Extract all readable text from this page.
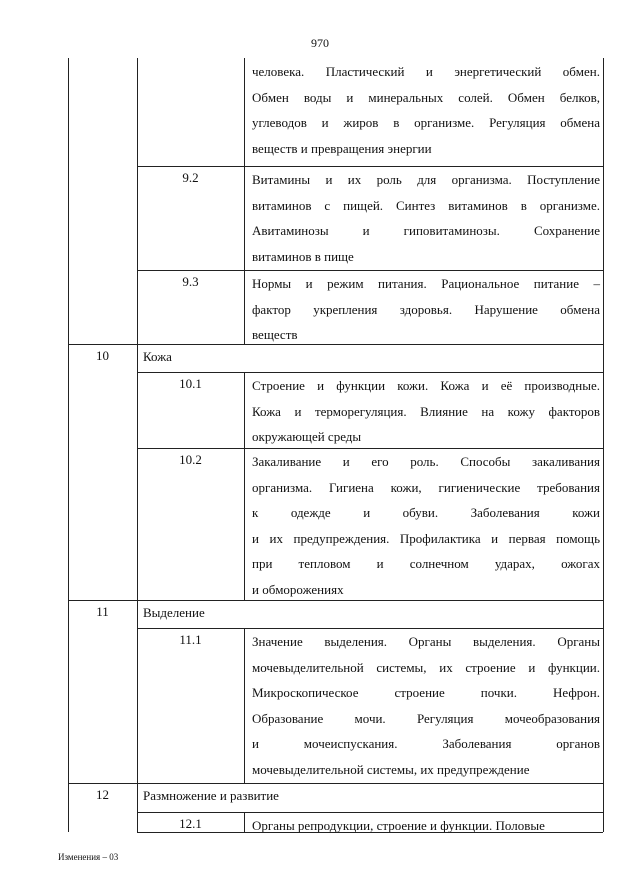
970
человека. Пластический и энергетический обмен.
Обмен воды и минеральных солей. Обмен белков,
углеводов и жиров в организме. Регуляция обмена
веществ и превращения энергии
9.2	Витамины и их роль для организма. Поступление
витаминов с пищей. Синтез витаминов в организме.
Авитаминозы и гиповитаминозы. Сохранение
витаминов в пище
9.3	Нормы и режим питания. Рациональное питание –
фактор укрепления здоровья. Нарушение обмена
веществ
10	Кожа
10.1	Строение и функции кожи. Кожа и её производные.
Кожа и терморегуляция. Влияние на кожу факторов
окружающей среды
10.2	Закаливание и его роль. Способы закаливания
организма. Гигиена кожи, гигиенические требования
к одежде и обуви. Заболевания кожи
и их предупреждения. Профилактика и первая помощь
при тепловом и солнечном ударах, ожогах
и обморожениях
11	Выделение
11.1	Значение выделения. Органы выделения. Органы
мочевыделительной системы, их строение и функции.
Микроскопическое строение почки. Нефрон.
Образование мочи. Регуляция мочеобразования
и мочеиспускания. Заболевания органов
мочевыделительной системы, их предупреждение
12	Размножение и развитие
12.1	Органы репродукции, строение и функции. Половые
Изменения – 03
